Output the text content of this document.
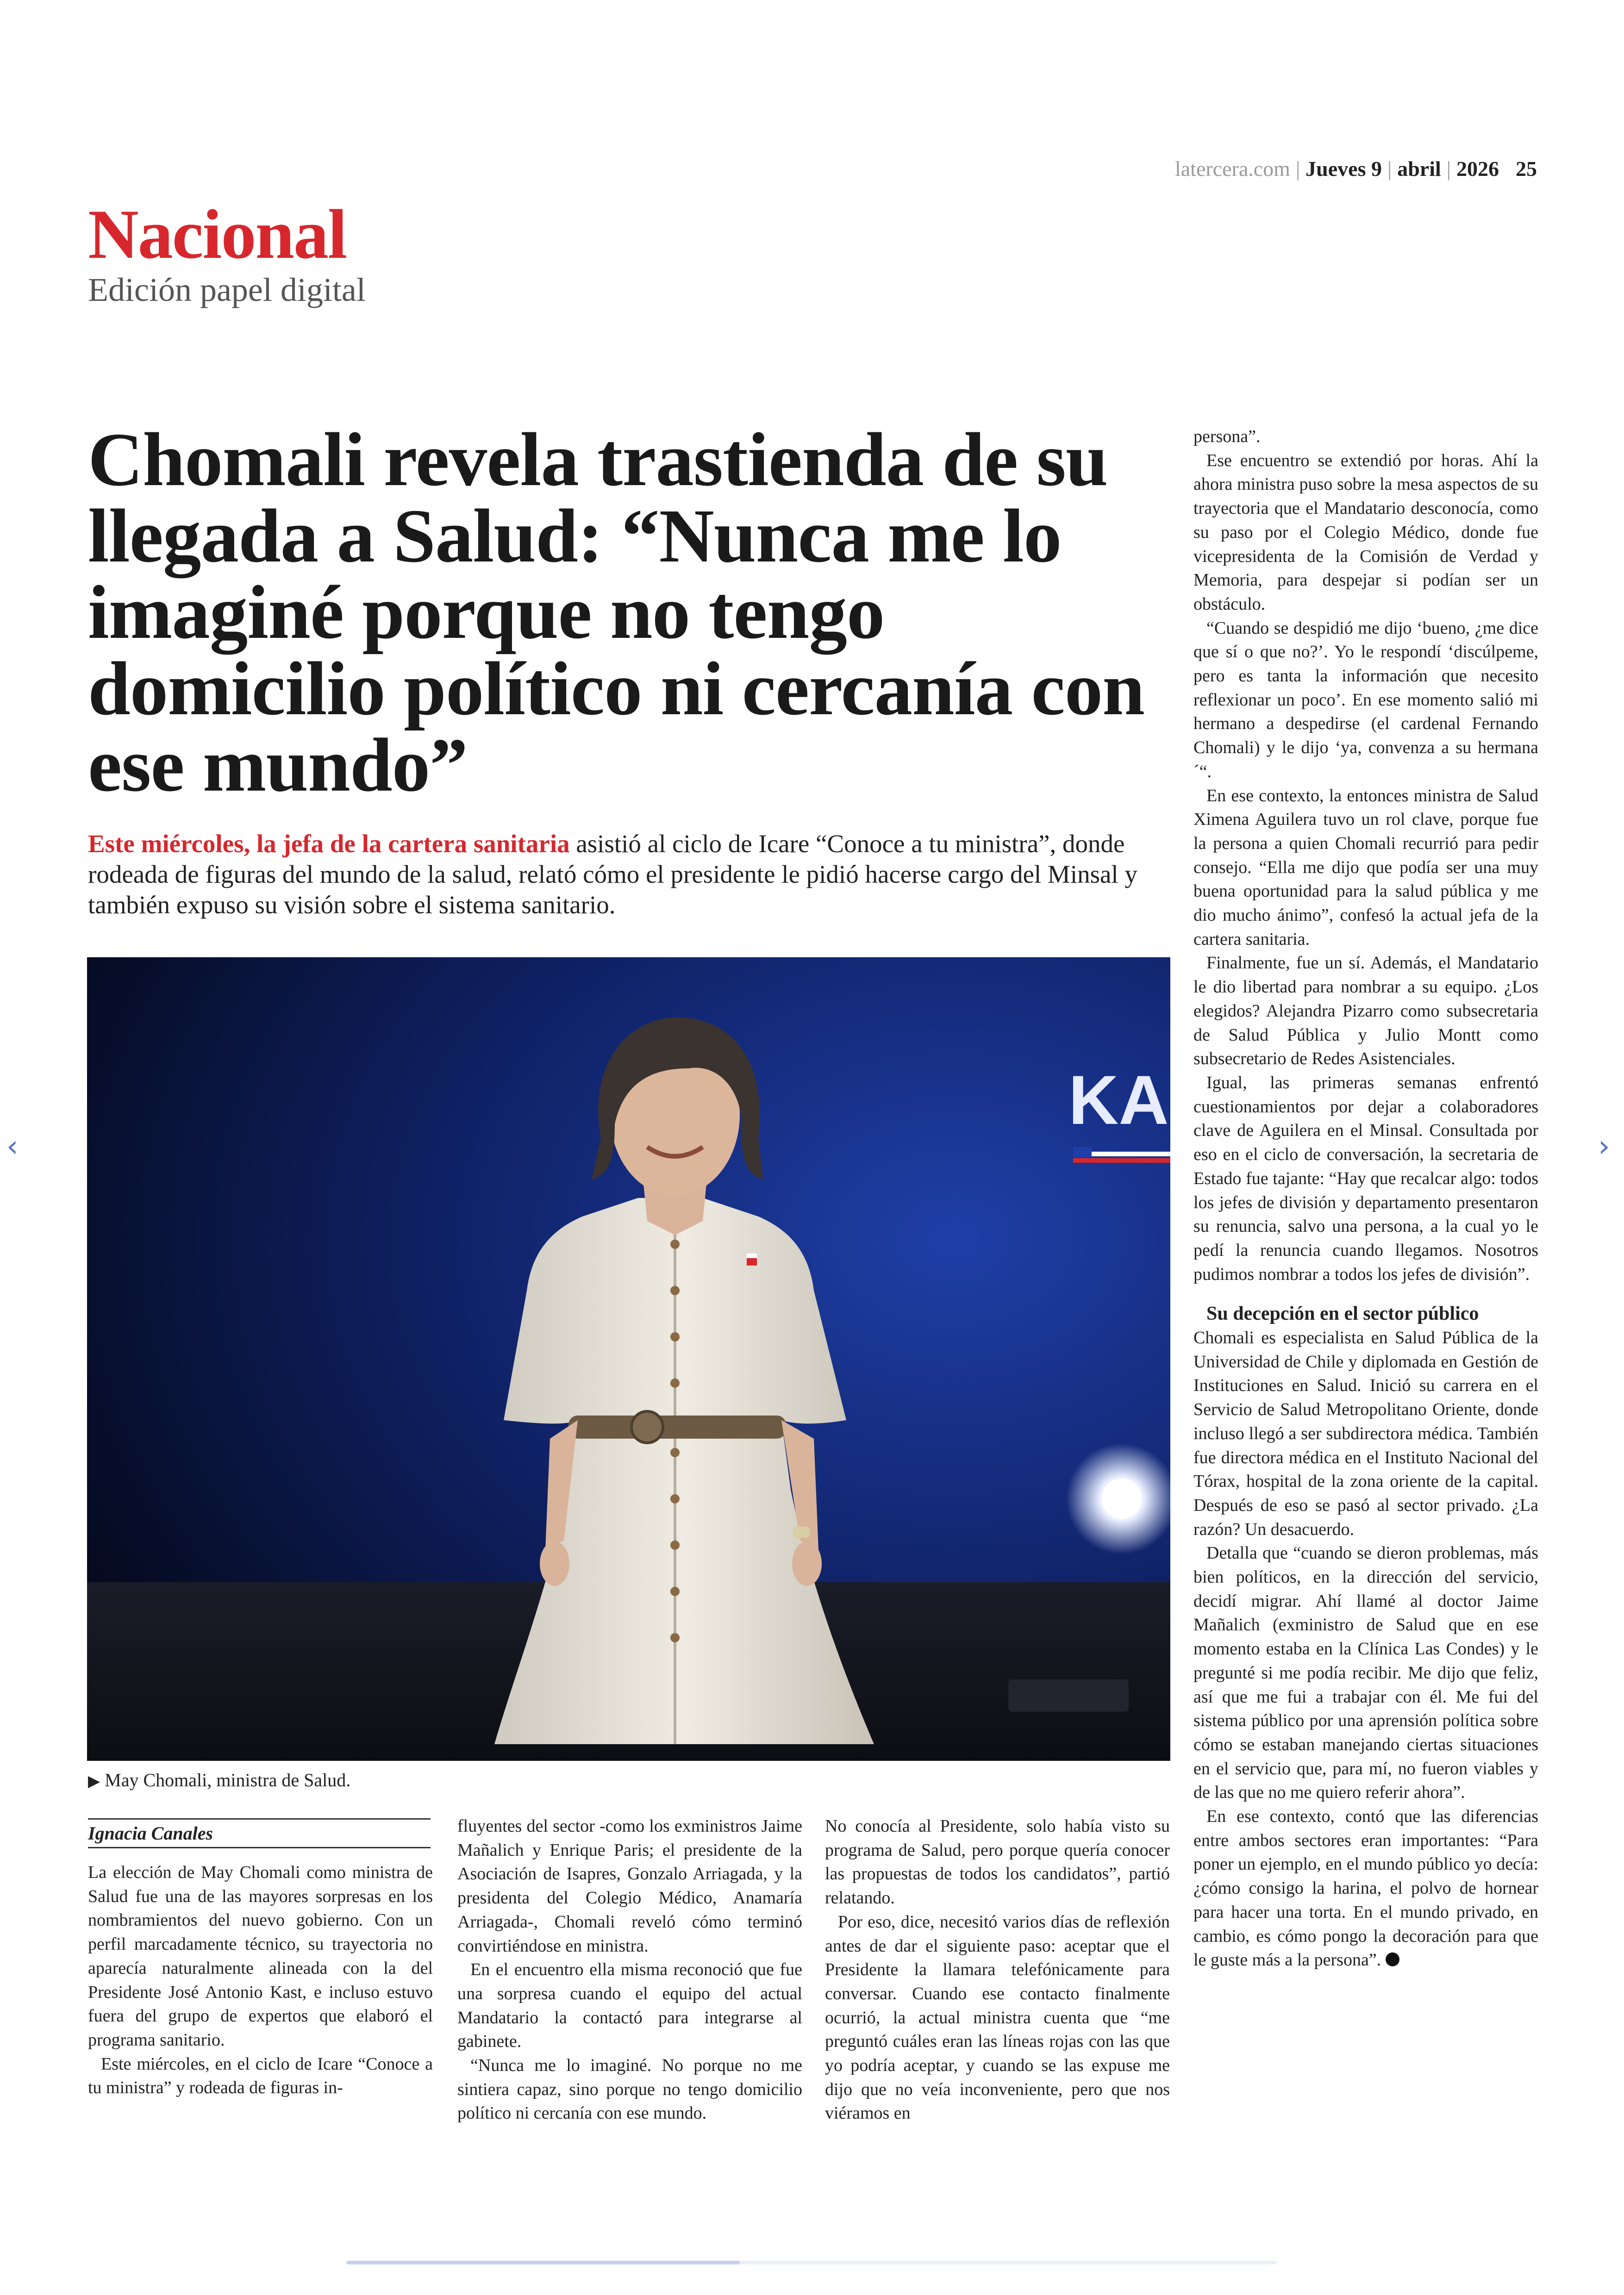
latercera.com | Jueves 9 | abril | 2026 25
Nacional
Edición papel digital
Chomali revela trastienda de su llegada a Salud: “Nunca me lo imaginé porque no tengo domicilio político ni cercanía con ese mundo”
Este miércoles, la jefa de la cartera sanitaria asistió al ciclo de Icare “Conoce a tu ministra”, donde rodeada de figuras del mundo de la salud, relató cómo el presidente le pidió hacerse cargo del Minsal y también expuso su visión sobre el sistema sanitario.
KA
▶ May Chomali, ministra de Salud.
Ignacia Canales

La elección de May Chomali como ministra de Salud fue una de las mayores sorpresas en los nombramientos del nuevo gobierno. Con un perfil marcadamente técnico, su trayectoria no aparecía naturalmente alineada con la del Presidente José Antonio Kast, e incluso estuvo fuera del grupo de expertos que elaboró el programa sanitario.

Este miércoles, en el ciclo de Icare “Conoce a tu ministra” y rodeada de figuras in-

fluyentes del sector -como los exministros Jaime Mañalich y Enrique Paris; el presidente de la Asociación de Isapres, Gonzalo Arriagada, y la presidenta del Colegio Médico, Anamaría Arriagada-, Chomali reveló cómo terminó convirtiéndose en ministra.

En el encuentro ella misma reconoció que fue una sorpresa cuando el equipo del actual Mandatario la contactó para integrarse al gabinete.

“Nunca me lo imaginé. No porque no me sintiera capaz, sino porque no tengo domicilio político ni cercanía con ese mundo.

No conocía al Presidente, solo había visto su programa de Salud, pero porque quería conocer las propuestas de todos los candidatos”, partió relatando.

Por eso, dice, necesitó varios días de reflexión antes de dar el siguiente paso: aceptar que el Presidente la llamara telefónicamente para conversar. Cuando ese contacto finalmente ocurrió, la actual ministra cuenta que “me preguntó cuáles eran las líneas rojas con las que yo podría aceptar, y cuando se las expuse me dijo que no veía inconveniente, pero que nos viéramos en

persona”.

Ese encuentro se extendió por horas. Ahí la ahora ministra puso sobre la mesa aspectos de su trayectoria que el Mandatario desconocía, como su paso por el Colegio Médico, donde fue vicepresidenta de la Comisión de Verdad y Memoria, para despejar si podían ser un obstáculo.

“Cuando se despidió me dijo ‘bueno, ¿me dice que sí o que no?’. Yo le respondí ‘discúlpeme, pero es tanta la información que necesito reflexionar un poco’. En ese momento salió mi hermano a despedirse (el cardenal Fernando Chomali) y le dijo ‘ya, convenza a su hermana´“.

En ese contexto, la entonces ministra de Salud Ximena Aguilera tuvo un rol clave, porque fue la persona a quien Chomali recurrió para pedir consejo. “Ella me dijo que podía ser una muy buena oportunidad para la salud pública y me dio mucho ánimo”, confesó la actual jefa de la cartera sanitaria.

Finalmente, fue un sí. Además, el Mandatario le dio libertad para nombrar a su equipo. ¿Los elegidos? Alejandra Pizarro como subsecretaria de Salud Pública y Julio Montt como subsecretario de Redes Asistenciales.

Igual, las primeras semanas enfrentó cuestionamientos por dejar a colaboradores clave de Aguilera en el Minsal. Consultada por eso en el ciclo de conversación, la secretaria de Estado fue tajante: “Hay que recalcar algo: todos los jefes de división y departamento presentaron su renuncia, salvo una persona, a la cual yo le pedí la renuncia cuando llegamos. Nosotros pudimos nombrar a todos los jefes de división”.

Su decepción en el sector público

Chomali es especialista en Salud Pública de la Universidad de Chile y diplomada en Gestión de Instituciones en Salud. Inició su carrera en el Servicio de Salud Metropolitano Oriente, donde incluso llegó a ser subdirectora médica. También fue directora médica en el Instituto Nacional del Tórax, hospital de la zona oriente de la capital. Después de eso se pasó al sector privado. ¿La razón? Un desacuerdo.

Detalla que “cuando se dieron problemas, más bien políticos, en la dirección del servicio, decidí migrar. Ahí llamé al doctor Jaime Mañalich (exministro de Salud que en ese momento estaba en la Clínica Las Condes) y le pregunté si me podía recibir. Me dijo que feliz, así que me fui a trabajar con él. Me fui del sistema público por una aprensión política sobre cómo se estaban manejando ciertas situaciones en el servicio que, para mí, no fueron viables y de las que no me quiero referir ahora”.

En ese contexto, contó que las diferencias entre ambos sectores eran importantes: “Para poner un ejemplo, en el mundo público yo decía: ¿cómo consigo la harina, el polvo de hornear para hacer una torta. En el mundo privado, en cambio, es cómo pongo la decoración para que le guste más a la persona”.

‹	›
